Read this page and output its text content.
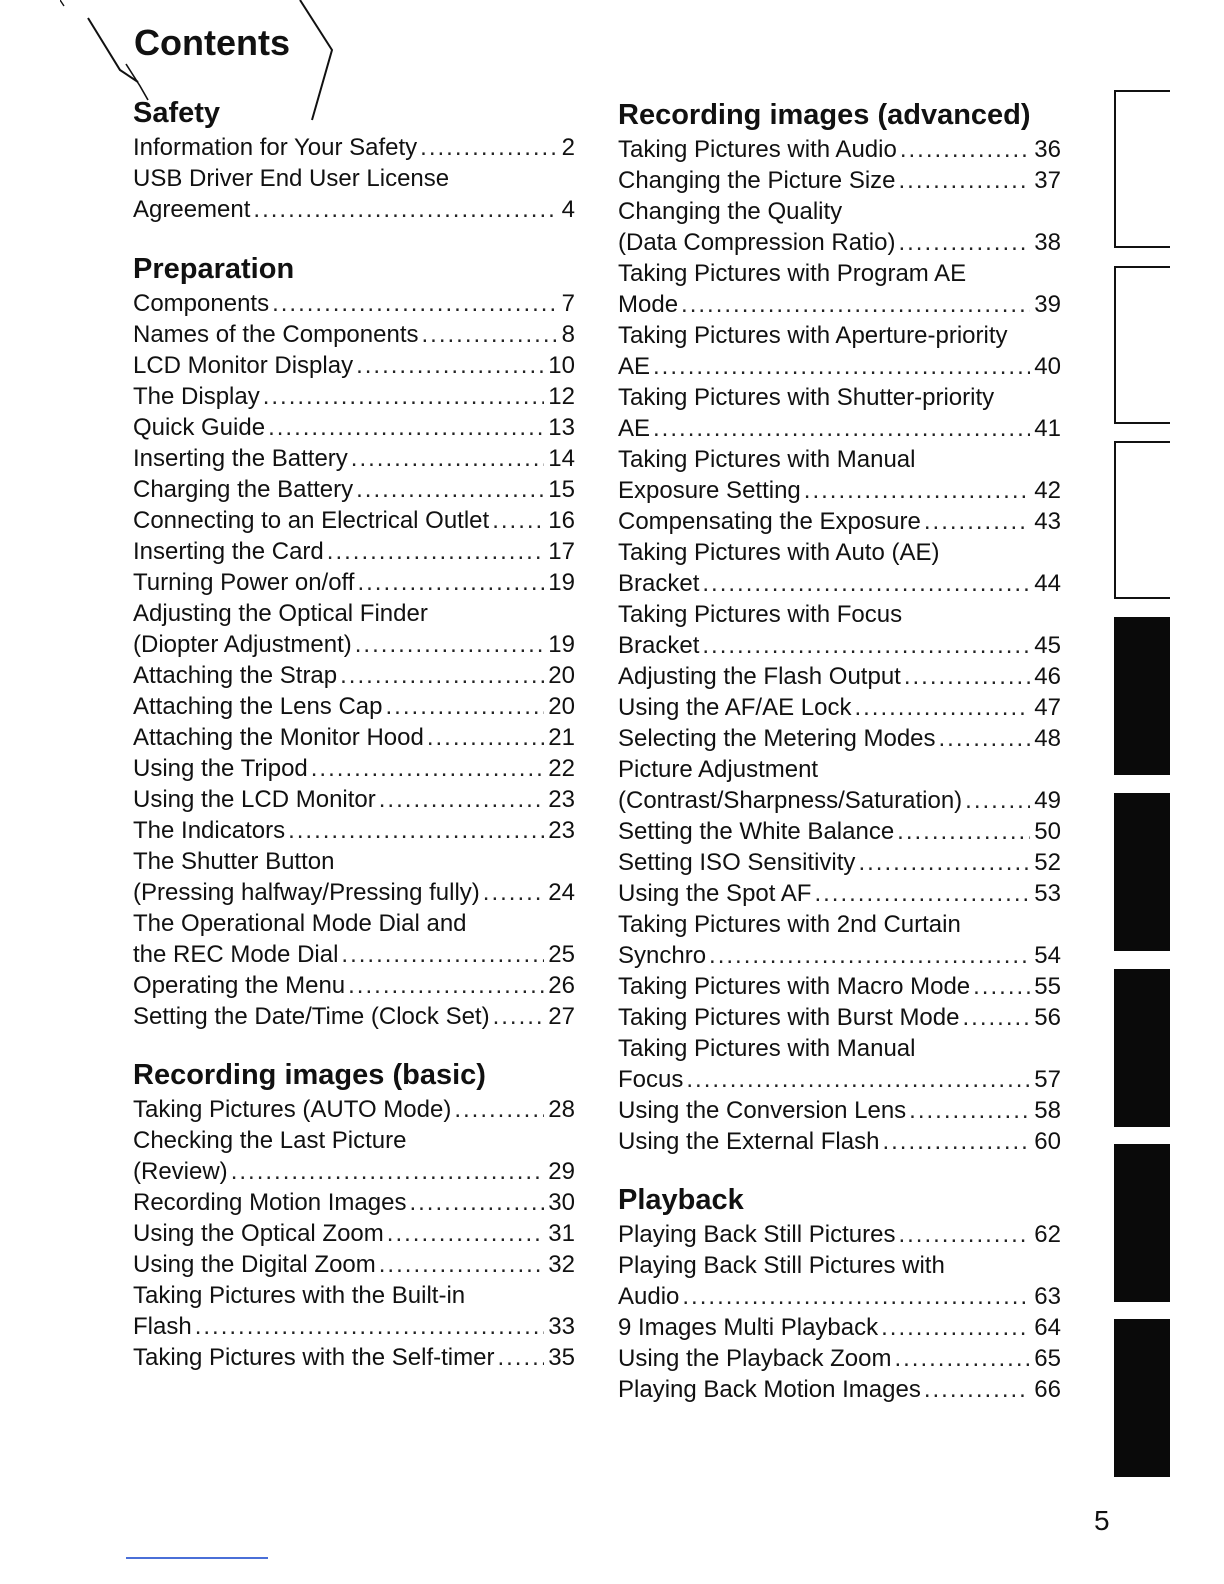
Contents
Safety
Information for Your Safety .....	2
USB Driver End User License
Agreement .....	4
Preparation
Components .....	7
Names of the Components .....	8
LCD Monitor Display .....	10
The Display .....	12
Quick Guide .....	13
Inserting the Battery .....	14
Charging the Battery .....	15
Connecting to an Electrical Outlet ..... 16
Inserting the Card .....	17
Turning Power on/off .....	19
Adjusting the Optical Finder
(Diopter Adjustment) .....	19
Attaching the Strap .....	20
Attaching the Lens Cap .....	20
Attaching the Monitor Hood .....	21
Using the Tripod .....	22
Using the LCD Monitor .....	23
The Indicators .....	23
The Shutter Button
(Pressing halfway/Pressing fully) .....	24
The Operational Mode Dial and
the REC Mode Dial .....	25
Operating the Menu .....	26
Setting the Date/Time (Clock Set) ..... 27
Recording images (basic)
Taking Pictures (AUTO Mode) .....	28
Checking the Last Picture
(Review) .....	29
Recording Motion Images .....	30
Using the Optical Zoom .....	31
Using the Digital Zoom .....	32
Taking Pictures with the Built-in
Flash .....	33
Taking Pictures with the Self-timer ..... 35
Recording images (advanced)
Taking Pictures with Audio .....	36
Changing the Picture Size .....	37
Changing the Quality
(Data Compression Ratio) .....	38
Taking Pictures with Program AE
Mode .....	39
Taking Pictures with Aperture-priority
AE .....	40
Taking Pictures with Shutter-priority
AE .....	41
Taking Pictures with Manual
Exposure Setting .....	42
Compensating the Exposure .....	43
Taking Pictures with Auto (AE)
Bracket .....	44
Taking Pictures with Focus
Bracket .....	45
Adjusting the Flash Output .....	46
Using the AF/AE Lock .....	47
Selecting the Metering Modes .....	48
Picture Adjustment
(Contrast/Sharpness/Saturation) .....	49
Setting the White Balance .....	50
Setting ISO Sensitivity .....	52
Using the Spot AF .....	53
Taking Pictures with 2nd Curtain
Synchro .....	54
Taking Pictures with Macro Mode .....	55
Taking Pictures with Burst Mode .....	56
Taking Pictures with Manual
Focus .....	57
Using the Conversion Lens .....	58
Using the External Flash .....	60
Playback
Playing Back Still Pictures .....	62
Playing Back Still Pictures with
Audio .....	63
9 Images Multi Playback .....	64
Using the Playback Zoom .....	65
Playing Back Motion Images .....	66
5
